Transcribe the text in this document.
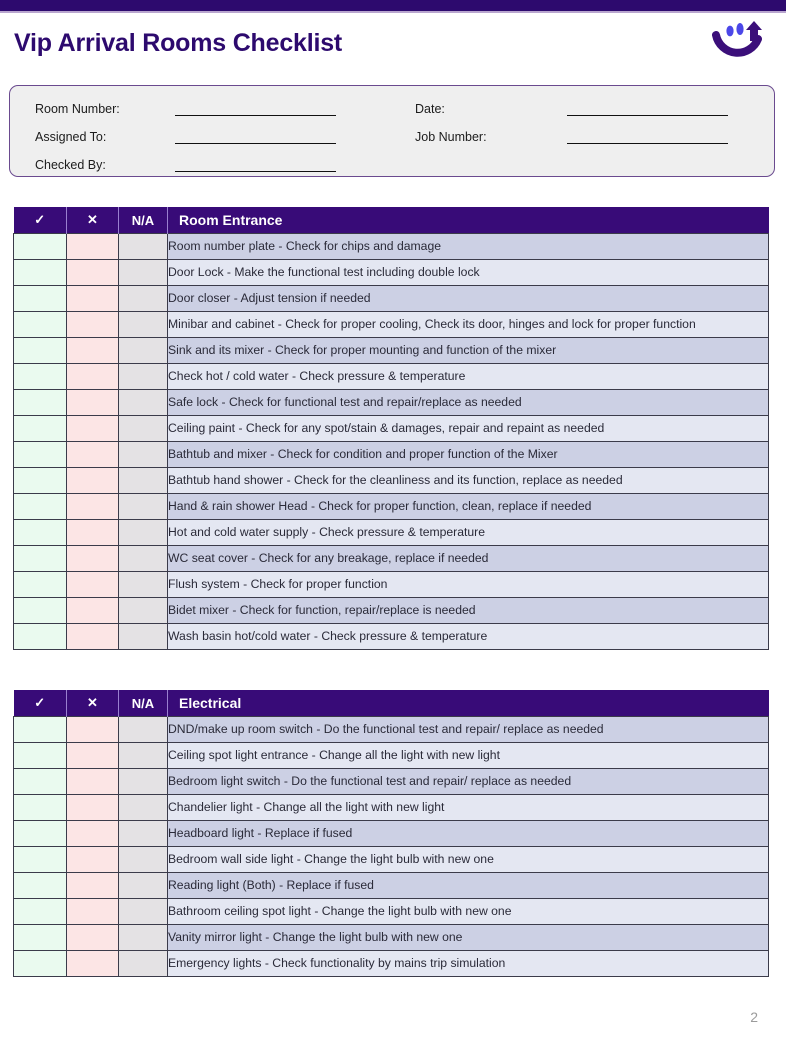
Vip Arrival Rooms Checklist
Room Number:
Assigned To:
Checked By:
Date:
Job Number:
✓	✕	N/A	Room Entrance
			Room number plate - Check for chips and damage
			Door Lock - Make the functional test including double lock
			Door closer - Adjust tension if needed
			Minibar and cabinet - Check for proper cooling, Check its door, hinges and lock for proper function
			Sink and its mixer - Check for proper mounting and function of the mixer
			Check hot / cold water - Check pressure & temperature
			Safe lock - Check for functional test and repair/replace as needed
			Ceiling paint - Check for any spot/stain & damages, repair and repaint as needed
			Bathtub and mixer - Check for condition and proper function of the Mixer
			Bathtub hand shower - Check for the cleanliness and its function, replace as needed
			Hand & rain shower Head - Check for proper function, clean, replace if needed
			Hot and cold water supply - Check pressure & temperature
			WC seat cover - Check for any breakage, replace if needed
			Flush system - Check for proper function
			Bidet mixer - Check for function, repair/replace is needed
			Wash basin hot/cold water - Check pressure & temperature
✓	✕	N/A	Electrical
			DND/make up room switch - Do the functional test and repair/ replace as needed
			Ceiling spot light entrance - Change all the light with new light
			Bedroom light switch - Do the functional test and repair/ replace as needed
			Chandelier light - Change all the light with new light
			Headboard light - Replace if fused
			Bedroom wall side light - Change the light bulb with new one
			Reading light (Both) - Replace if fused
			Bathroom ceiling spot light - Change the light bulb with new one
			Vanity mirror light - Change the light bulb with new one
			Emergency lights - Check functionality by mains trip simulation
2
